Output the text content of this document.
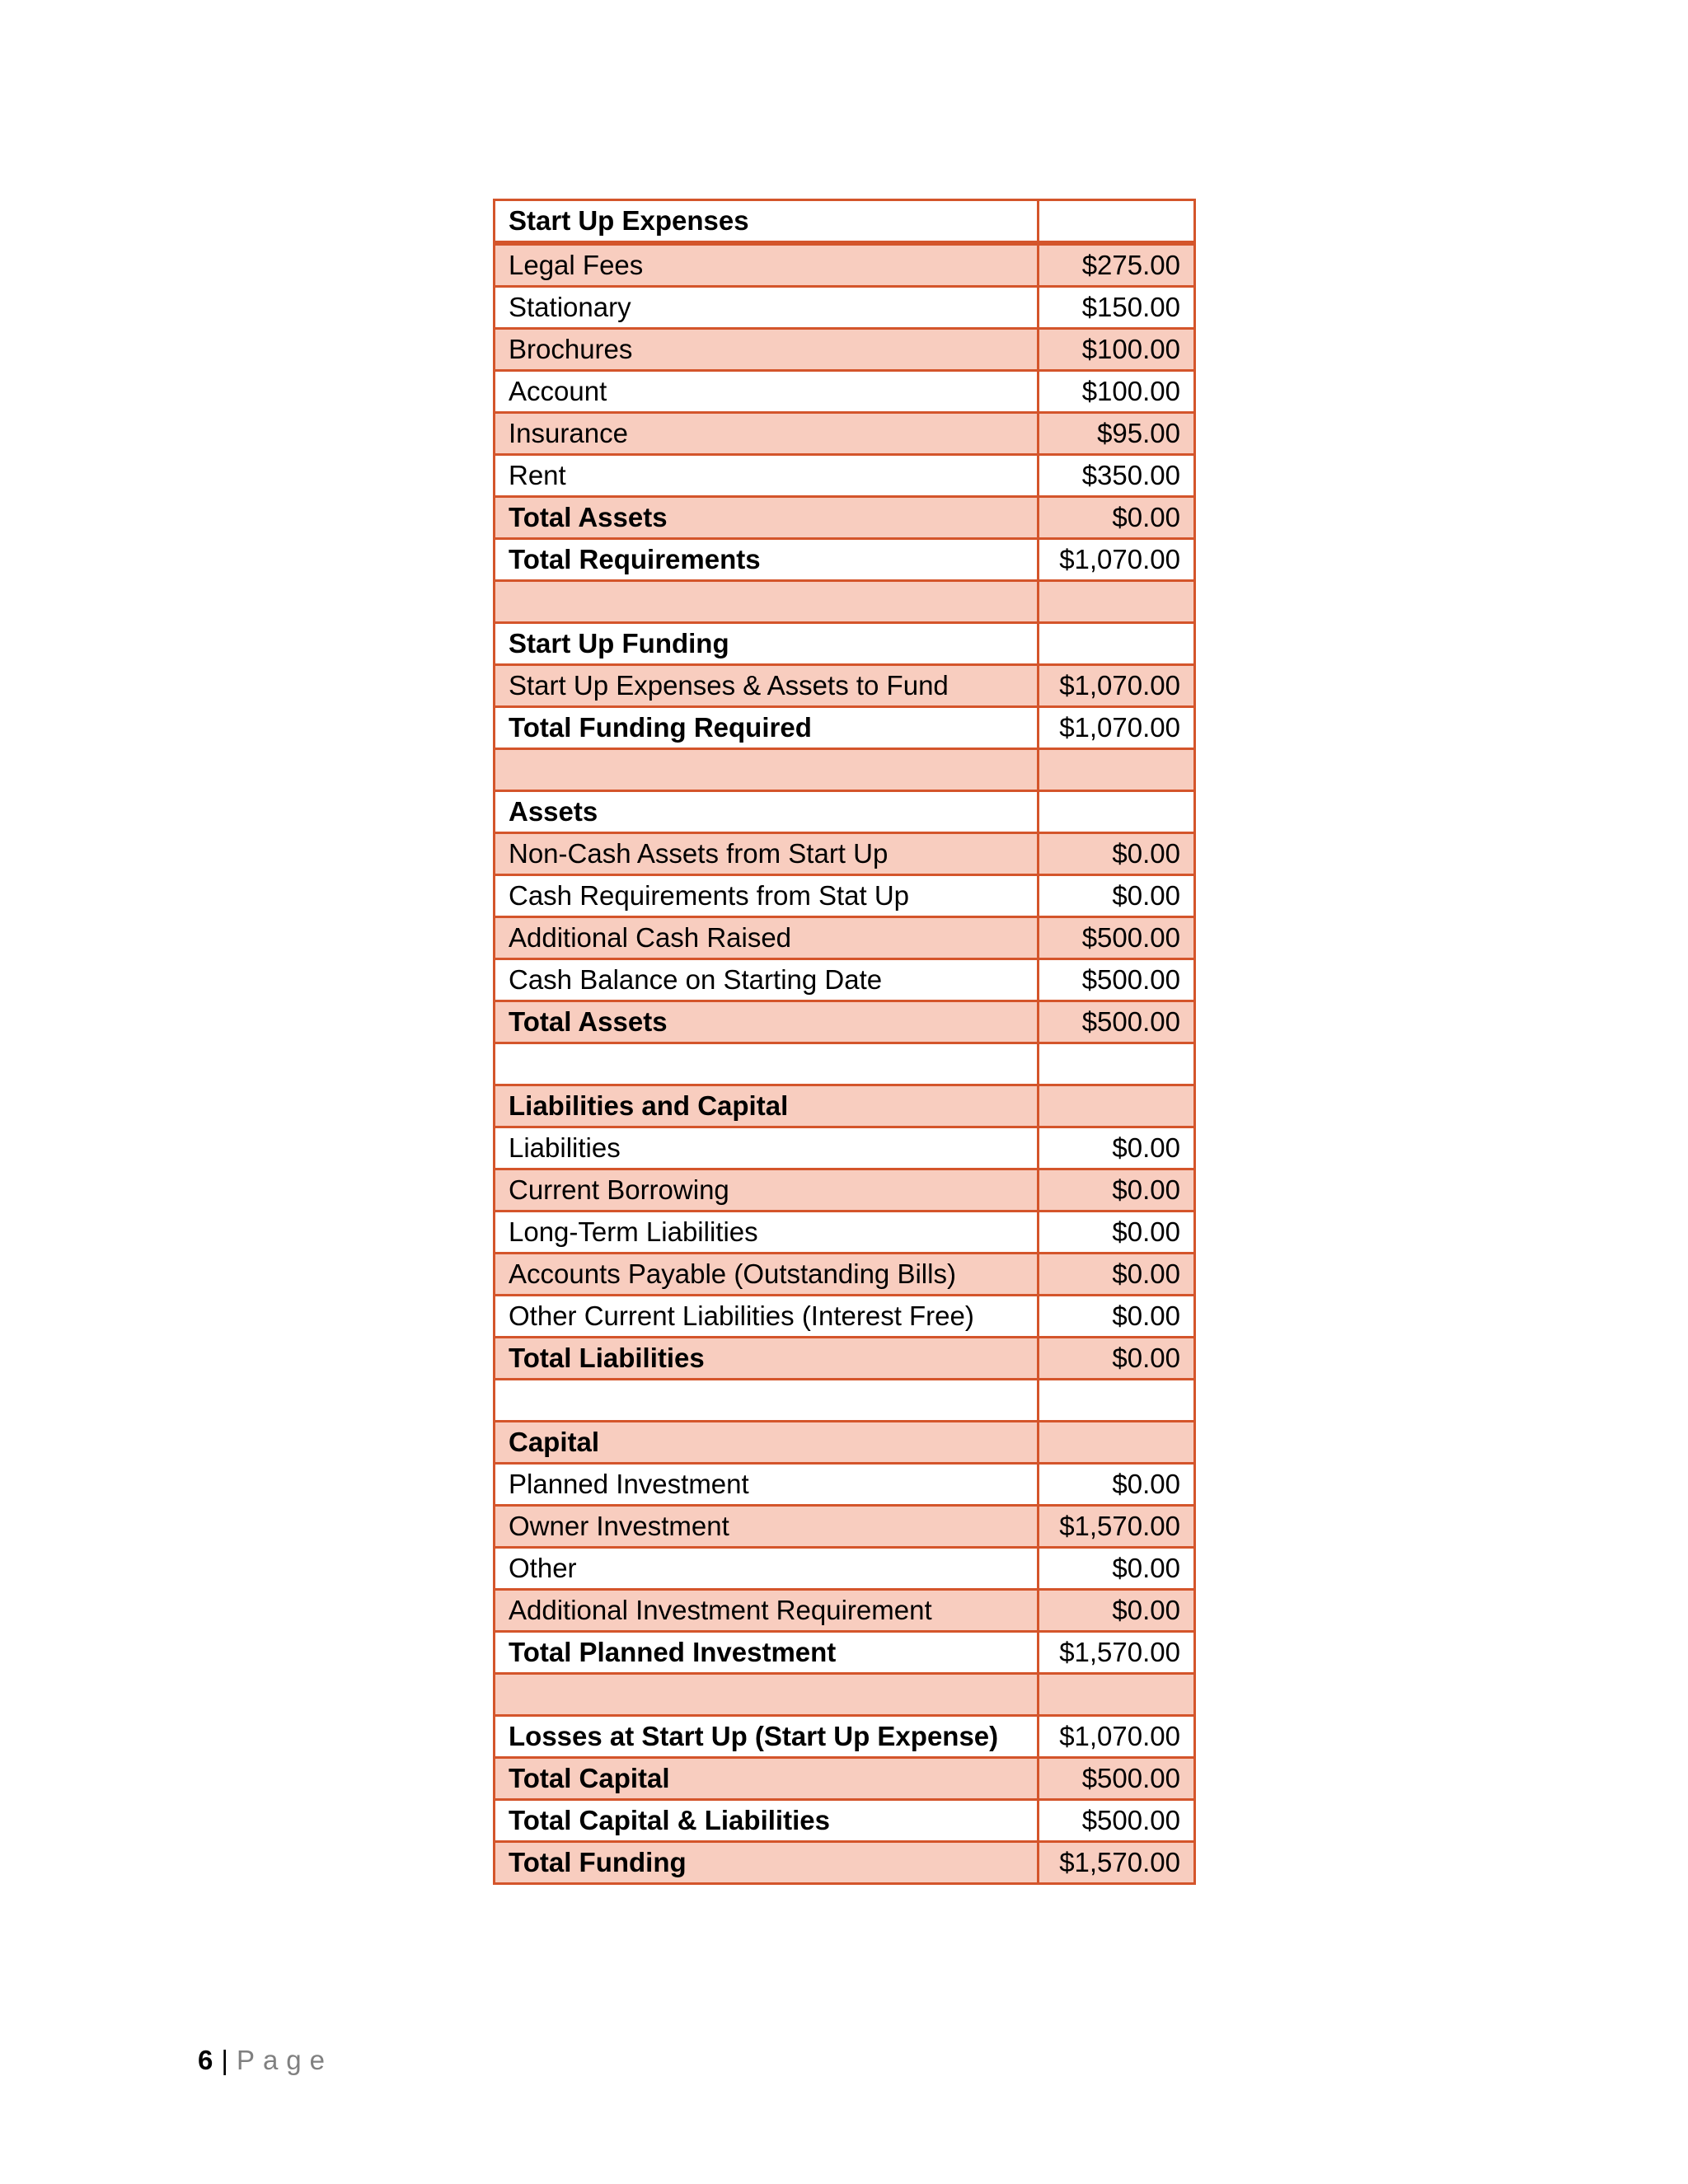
Start Up Expenses	
Legal Fees	$275.00
Stationary	$150.00
Brochures	$100.00
Account	$100.00
Insurance	$95.00
Rent	$350.00
Total Assets	$0.00
Total Requirements	$1,070.00

Start Up Funding	
Start Up Expenses & Assets to Fund	$1,070.00
Total Funding Required	$1,070.00

Assets	
Non-Cash Assets from Start Up	$0.00
Cash Requirements from Stat Up	$0.00
Additional Cash Raised	$500.00
Cash Balance on Starting Date	$500.00
Total Assets	$500.00

Liabilities and Capital	
Liabilities	$0.00
Current Borrowing	$0.00
Long-Term Liabilities	$0.00
Accounts Payable (Outstanding Bills)	$0.00
Other Current Liabilities (Interest Free)	$0.00
Total Liabilities	$0.00

Capital	
Planned Investment	$0.00
Owner Investment	$1,570.00
Other	$0.00
Additional Investment Requirement	$0.00
Total Planned Investment	$1,570.00

Losses at Start Up (Start Up Expense)	$1,070.00
Total Capital	$500.00
Total Capital & Liabilities	$500.00
Total Funding	$1,570.00
6 | Page
